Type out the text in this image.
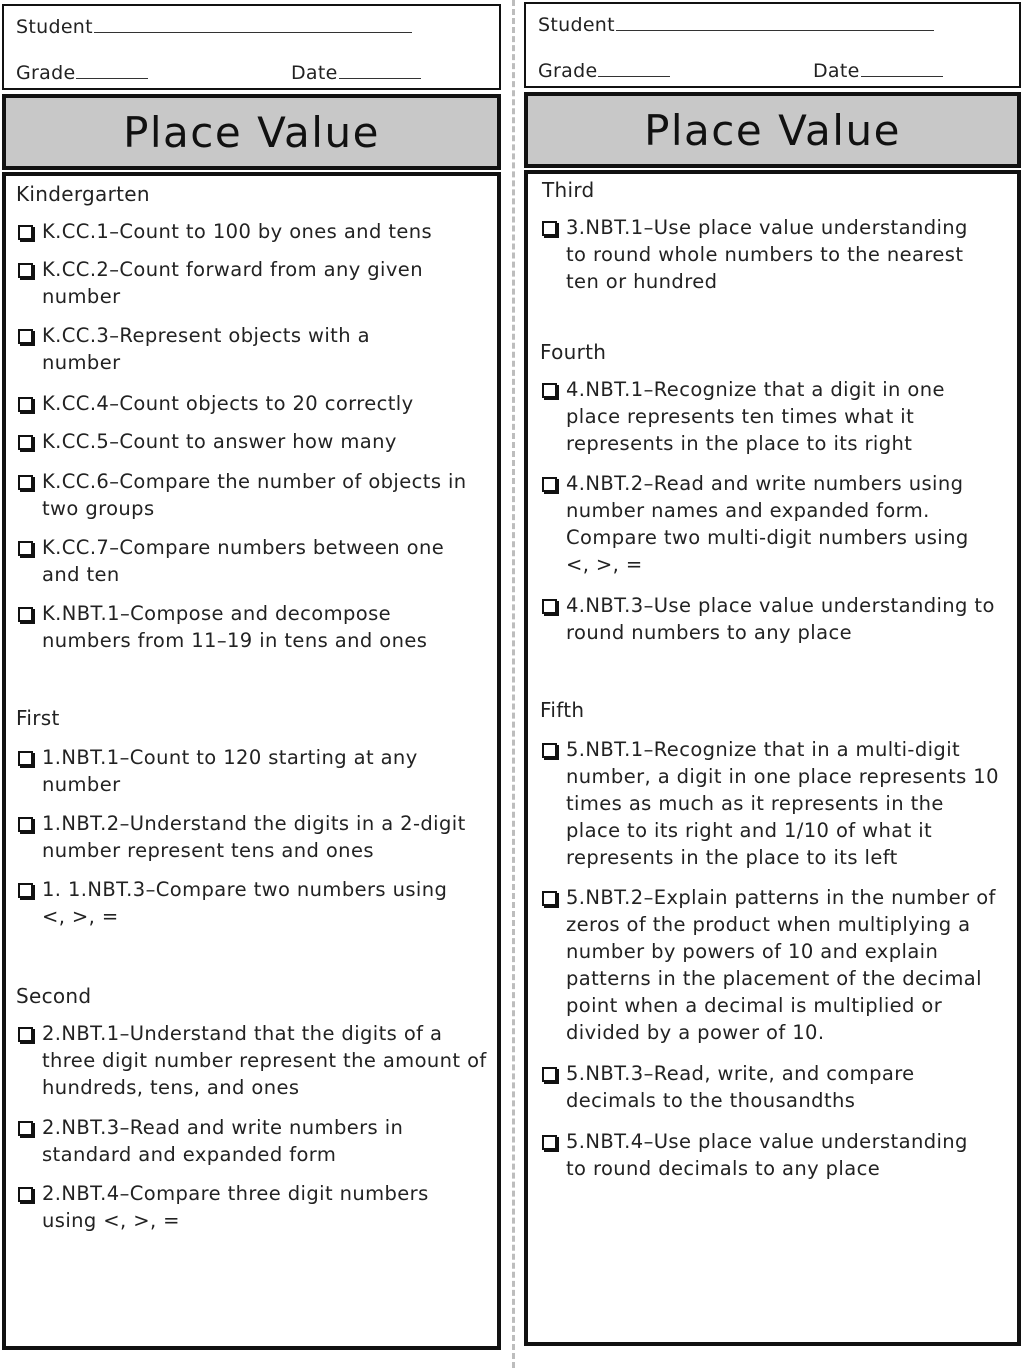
Student
Grade	Date
Place Value
Kindergarten
K.CC.1–Count to 100 by ones and tens
K.CC.2–Count forward from any given number
K.CC.3–Represent objects with a number
K.CC.4–Count objects to 20 correctly
K.CC.5–Count to answer how many
K.CC.6–Compare the number of objects in two groups
K.CC.7–Compare numbers between one and ten
K.NBT.1–Compose and decompose numbers from 11–19 in tens and ones
First
1.NBT.1–Count to 120 starting at any number
1.NBT.2–Understand the digits in a 2-digit number represent tens and ones
1. 1.NBT.3–Compare two numbers using <, >, =
Second
2.NBT.1–Understand that the digits of a three digit number represent the amount of hundreds, tens, and ones
2.NBT.3–Read and write numbers in standard and expanded form
2.NBT.4–Compare three digit numbers using <, >, =
Student
Grade	Date
Place Value
Third
3.NBT.1–Use place value understanding to round whole numbers to the nearest ten or hundred
Fourth
4.NBT.1–Recognize that a digit in one place represents ten times what it represents in the place to its right
4.NBT.2–Read and write numbers using number names and expanded form. Compare two multi-digit numbers using <, >, =
4.NBT.3–Use place value understanding to round numbers to any place
Fifth
5.NBT.1–Recognize that in a multi-digit number, a digit in one place represents 10 times as much as it represents in the place to its right and 1/10 of what it represents in the place to its left
5.NBT.2–Explain patterns in the number of zeros of the product when multiplying a number by powers of 10 and explain patterns in the placement of the decimal point when a decimal is multiplied or divided by a power of 10.
5.NBT.3–Read, write, and compare decimals to the thousandths
5.NBT.4–Use place value understanding to round decimals to any place
